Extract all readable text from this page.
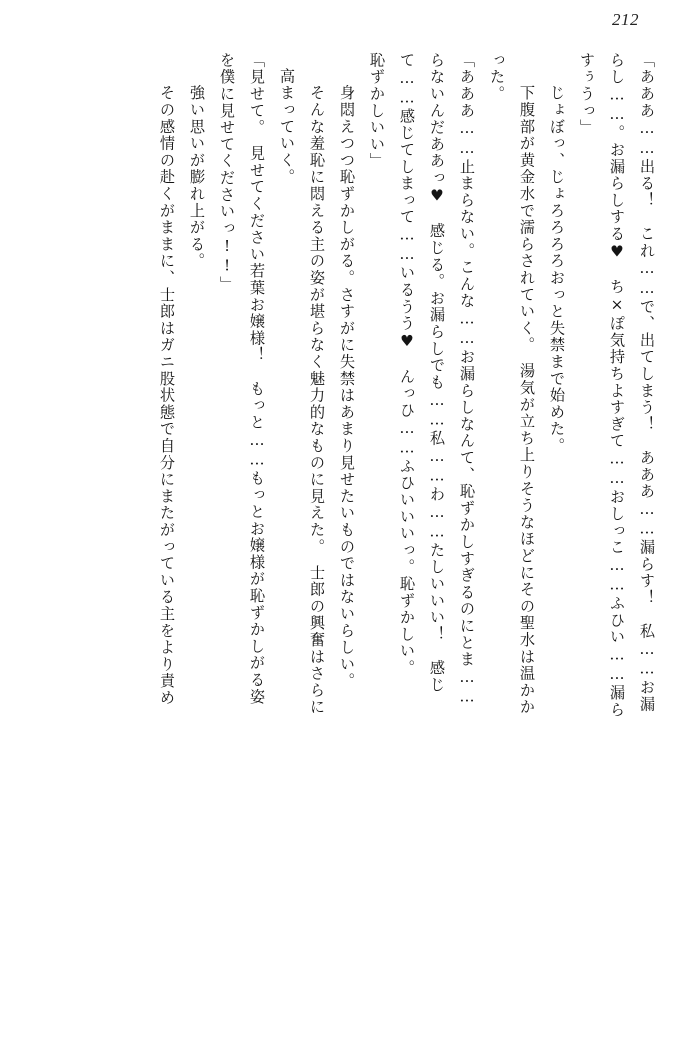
212
「あああ……出る！　これ……で、出てしまう！　あああ……漏らす！　私……お漏
らし……。お漏らしする♥　ち×ぽ気持ちよすぎて……おしっこ……ふひい……漏ら
すぅうっ」
　じょぼっ、じょろろろろおっと失禁まで始めた。
　下腹部が黄金水で濡らされていく。　湯気が立ち上りそうなほどにその聖水は温かか
った。
「あああ……止まらない。こんな……お漏らしなんて、恥ずかしすぎるのにとま……
らないんだああっ♥　感じる。お漏らしでも……私……わ……たしいいい！　感じ
て……感じてしまって……いるうう♥　んっひ……ふひいいいっ。恥ずかしい。
恥ずかしいい」
　身悶えつつ恥ずかしがる。さすがに失禁はあまり見せたいものではないらしい。
　そんな羞恥に悶える主の姿が堪らなく魅力的なものに見えた。　士郎の興奮はさらに
高まっていく。
「見せて。　見せてください若葉お嬢様！　もっと……もっとお嬢様が恥ずかしがる姿
を僕に見せてくださいっ!!」
　強い思いが膨れ上がる。
　その感情の赴くがままに、士郎はガニ股状態で自分にまたがっている主をより責め
